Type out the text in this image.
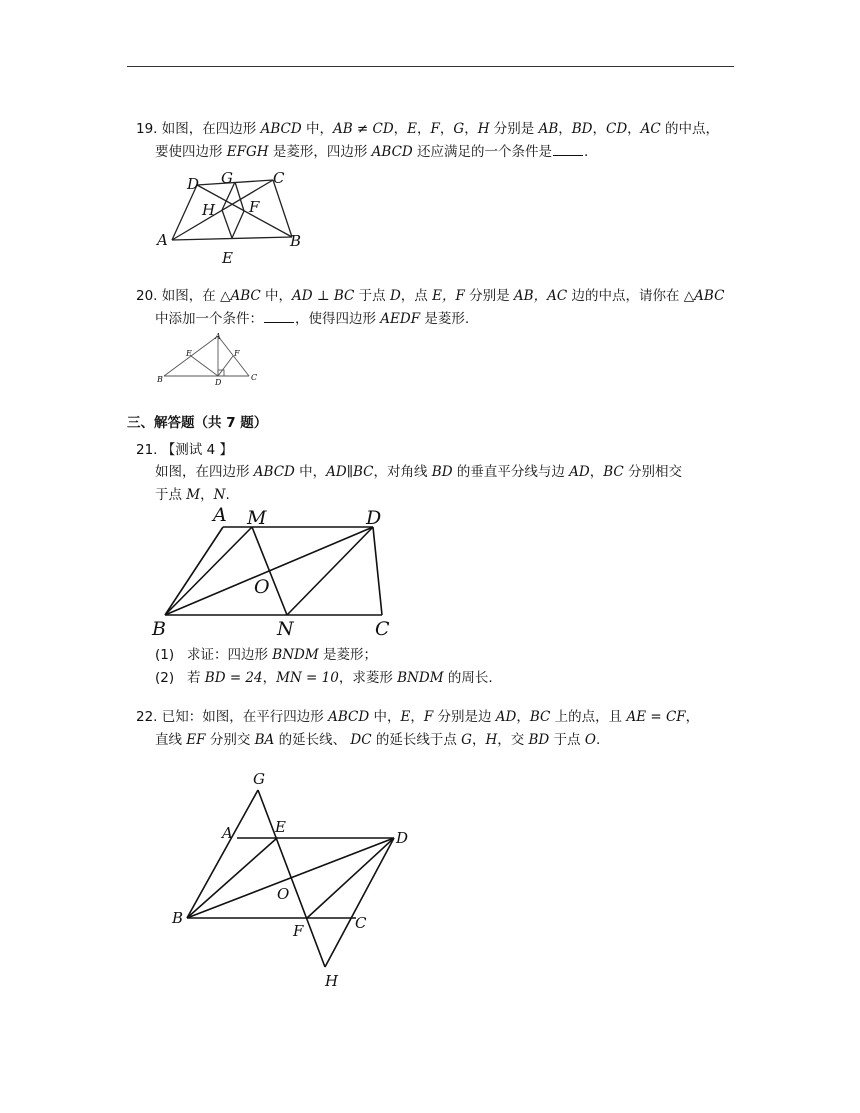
19. 如图，在四边形 ABCD 中，AB ≠ CD，E，F，G，H 分别是 AB，BD，CD，AC 的中点，
要使四边形 EFGH 是菱形，四边形 ABCD 还应满足的一个条件是 .
D G	C
H F
A	B
E
20. 如图，在 △ABC 中，AD ⊥ BC 于点 D，点 E，F 分别是 AB，AC 边的中点，请你在 △ABC
中添加一个条件： ，使得四边形 AEDF 是菱形.
A
E	F
B	D
C
三、解答题（共 7 题）
21. 【测试 4 】
如图，在四边形 ABCD 中，AD∥BC，对角线 BD 的垂直平分线与边 AD，BC 分别相交
于点 M，N.
A M	D
O
B	N	C
(1) 求证：四边形 BNDM 是菱形；
(2) 若 BD = 24，MN = 10，求菱形 BNDM 的周长.
22. 已知：如图，在平行四边形 ABCD 中，E，F 分别是边 AD，BC 上的点，且 AE = CF，
直线 EF 分别交 BA 的延长线、 DC 的延长线于点 G，H，交 BD 于点 O.
G
A	E
D
O
B
F	C
H
